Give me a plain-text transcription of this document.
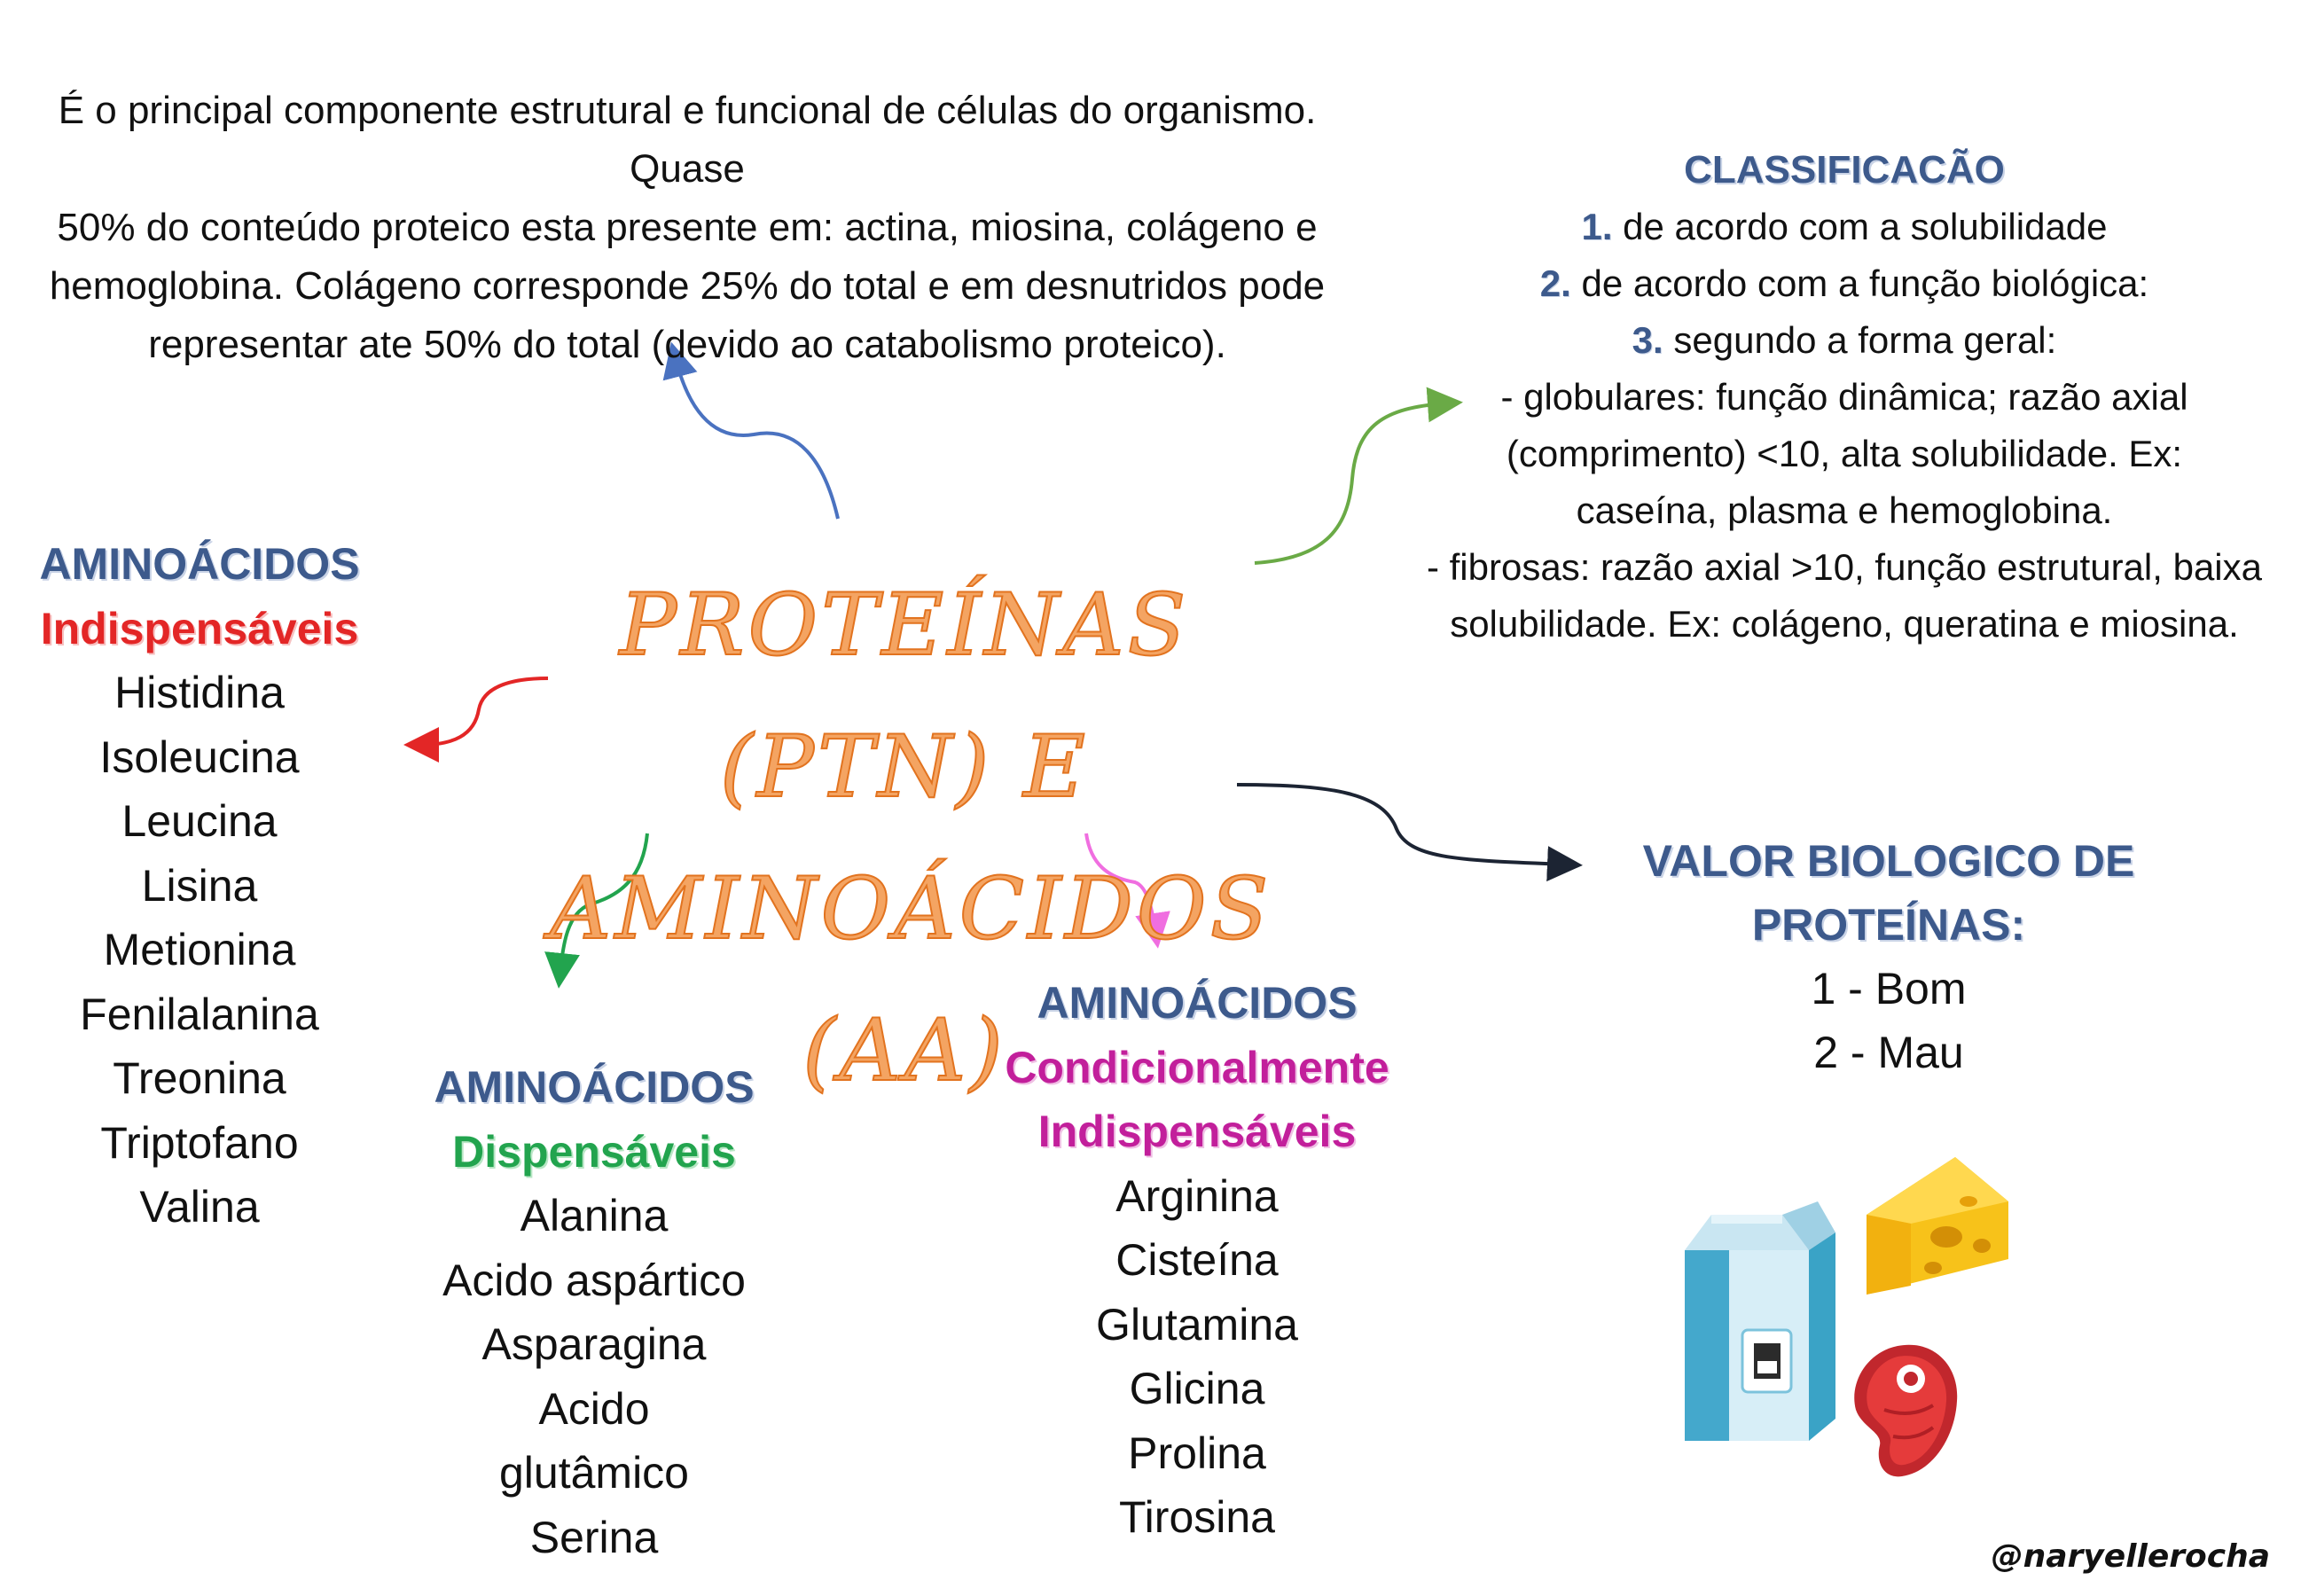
É o principal componente estrutural e funcional de células do organismo. Quase
50% do conteúdo proteico esta presente em: actina, miosina, colágeno e
hemoglobina. Colágeno corresponde 25% do total e em desnutridos pode
representar ate 50% do total (devido ao catabolismo proteico).
PROTEÍNAS (PTN) E
AMINOÁCIDOS (AA)
CLASSIFICACÃO
1. de acordo com a solubilidade
2. de acordo com a função biológica:
3. segundo a forma geral:
- globulares: função dinâmica; razão axial
(comprimento) <10, alta solubilidade. Ex:
caseína, plasma e hemoglobina.
- fibrosas: razão axial >10, função estrutural, baixa
solubilidade. Ex: colágeno, queratina e miosina.
AMINOÁCIDOS
Indispensáveis
Histidina
Isoleucina
Leucina
Lisina
Metionina
Fenilalanina
Treonina
Triptofano
Valina
AMINOÁCIDOS
Dispensáveis
Alanina
Acido aspártico
Asparagina
Acido
glutâmico
Serina
AMINOÁCIDOS
Condicionalmente
Indispensáveis
Arginina
Cisteína
Glutamina
Glicina
Prolina
Tirosina
VALOR BIOLOGICO DE PROTEÍNAS:
1 - Bom
2 - Mau
@naryellerocha
